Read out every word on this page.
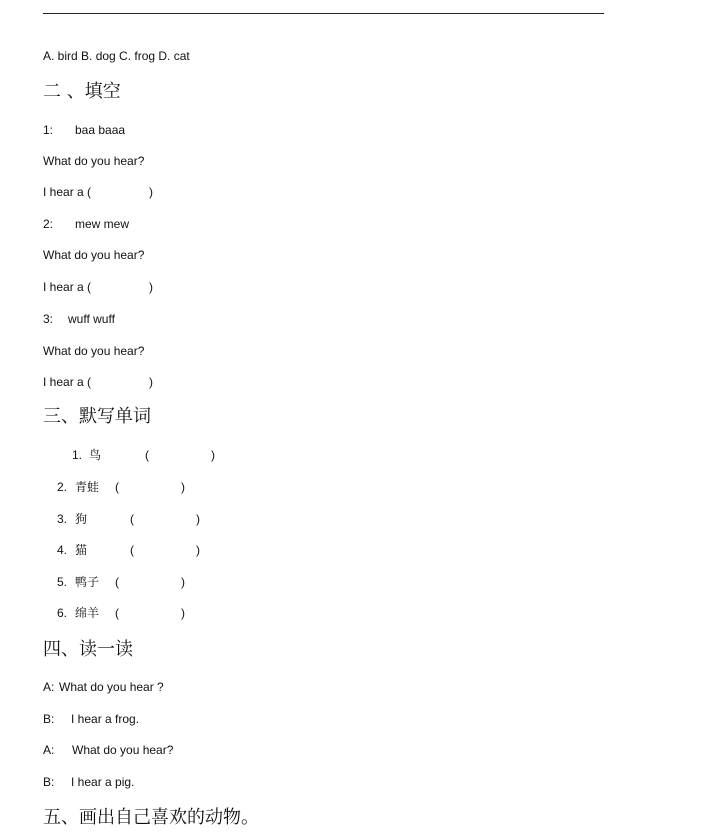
A. bird B. dog C. frog D. cat
二 、填空
1: baa baaa
What do you hear?
I hear a (	)
2: mew mew
What do you hear?
I hear a (	)
3: wuff wuff
What do you hear?
I hear a (	)
三、默写单词
1. 鸟	(	)
2. 青蛙 (	)
3. 狗	(	)
4. 猫	(	)
5. 鸭子 (	)
6. 绵羊 (	)
四、读一读
A: What do you hear ?
B: I hear a frog.
A: What do you hear?
B: I hear a pig.
五、画出自己喜欢的动物。
